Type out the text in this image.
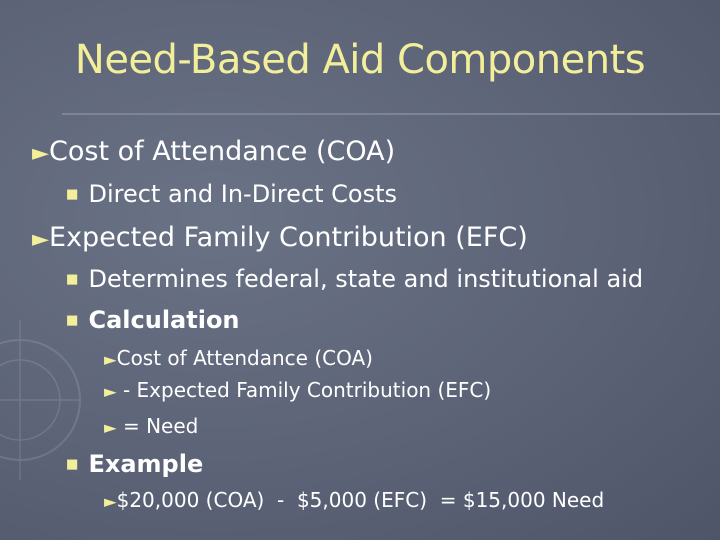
Need-Based Aid Components
►Cost of Attendance (COA)
■ Direct and In-Direct Costs
►Expected Family Contribution (EFC)
■ Determines federal, state and institutional aid
■ Calculation
►Cost of Attendance (COA)
► - Expected Family Contribution (EFC)
► = Need
■ Example
►$20,000 (COA)  -  $5,000 (EFC)  = $15,000 Need
